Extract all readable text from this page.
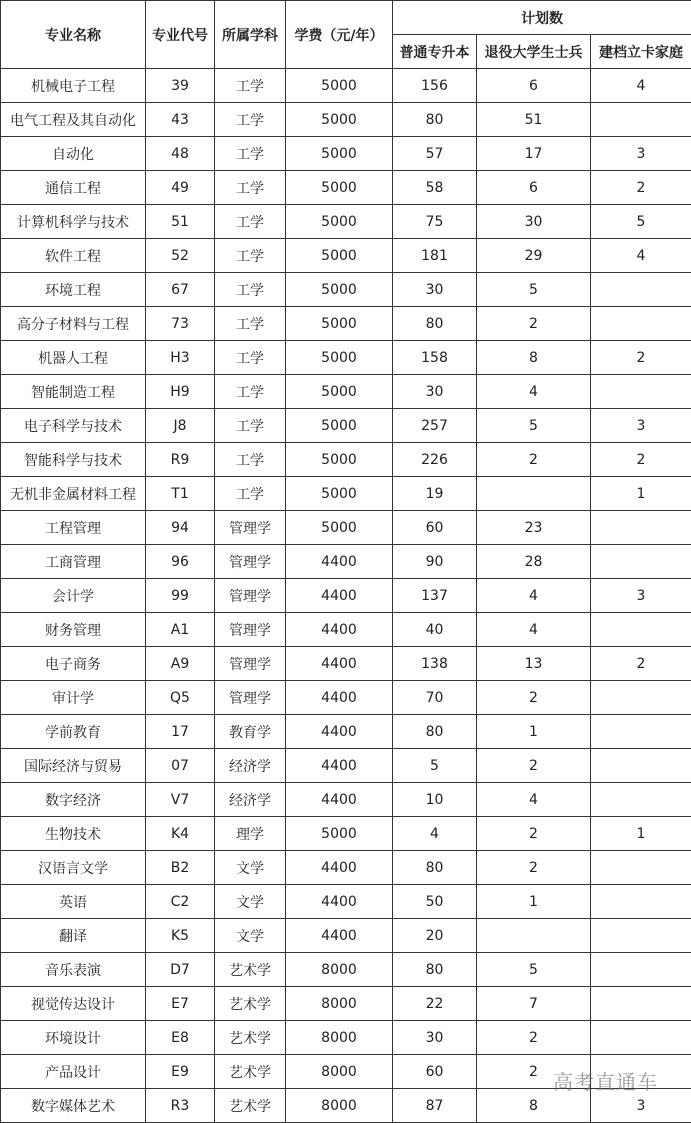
专业名称	专业代号	所属学科	学费（元/年）	计划数		
				普通专升本	退役大学生士兵	建档立卡家庭
机械电子工程	39	工学	5000	156	6	4
电气工程及其自动化	43	工学	5000	80	51	
自动化	48	工学	5000	57	17	3
通信工程	49	工学	5000	58	6	2
计算机科学与技术	51	工学	5000	75	30	5
软件工程	52	工学	5000	181	29	4
环境工程	67	工学	5000	30	5	
高分子材料与工程	73	工学	5000	80	2	
机器人工程	H3	工学	5000	158	8	2
智能制造工程	H9	工学	5000	30	4	
电子科学与技术	J8	工学	5000	257	5	3
智能科学与技术	R9	工学	5000	226	2	2
无机非金属材料工程	T1	工学	5000	19		1
工程管理	94	管理学	5000	60	23	
工商管理	96	管理学	4400	90	28	
会计学	99	管理学	4400	137	4	3
财务管理	A1	管理学	4400	40	4	
电子商务	A9	管理学	4400	138	13	2
审计学	Q5	管理学	4400	70	2	
学前教育	17	教育学	4400	80	1	
国际经济与贸易	07	经济学	4400	5	2	
数字经济	V7	经济学	4400	10	4	
生物技术	K4	理学	5000	4	2	1
汉语言文学	B2	文学	4400	80	2	
英语	C2	文学	4400	50	1	
翻译	K5	文学	4400	20		
音乐表演	D7	艺术学	8000	80	5	
视觉传达设计	E7	艺术学	8000	22	7	
环境设计	E8	艺术学	8000	30	2	
产品设计	E9	艺术学	8000	60	2	
数字媒体艺术	R3	艺术学	8000	87	8	3
高考直通车
